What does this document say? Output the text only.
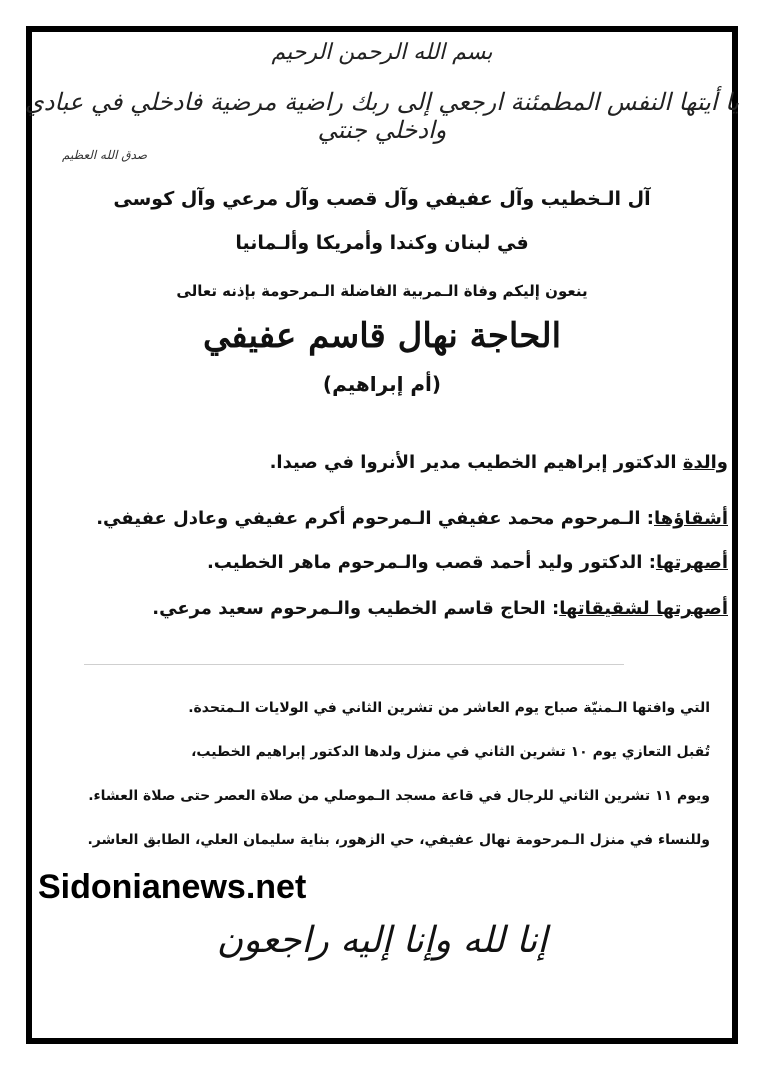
بسم الله الرحمن الرحيم
يا أيتها النفس المطمئنة ارجعي إلى ربك راضية مرضية فادخلي في عبادي وادخلي جنتي
صدق الله العظيم
آل الـخطيب وآل عفيفي وآل قصب وآل مرعي وآل كوسى
في لبنان وكندا وأمريكا وألـمانيا
ينعون إليكم وفاة الـمربية الفاضلة الـمرحومة بإذنه تعالى
الحاجة نهال قاسم عفيفي
(أم إبراهيم)
والدة الدكتور إبراهيم الخطيب مدير الأنروا في صيدا.
أشقاؤها: الـمرحوم محمد عفيفي الـمرحوم أكرم عفيفي وعادل عفيفي.
أصهرتها: الدكتور وليد أحمد قصب والـمرحوم ماهر الخطيب.
أصهرتها لشقيقاتها: الحاج قاسم الخطيب والـمرحوم سعيد مرعي.
التي وافتها الـمنيّة صباح يوم العاشر من تشرين الثاني في الولايات الـمتحدة.
تُقبل التعازي يوم ١٠ تشرين الثاني في منزل ولدها الدكتور إبراهيم الخطيب،
ويوم ١١ تشرين الثاني للرجال في قاعة مسجد الـموصلي من صلاة العصر حتى صلاة العشاء.
وللنساء في منزل الـمرحومة نهال عفيفي، حي الزهور، بناية سليمان العلي، الطابق العاشر.
Sidonianews.net
إنا لله وإنا إليه راجعون
